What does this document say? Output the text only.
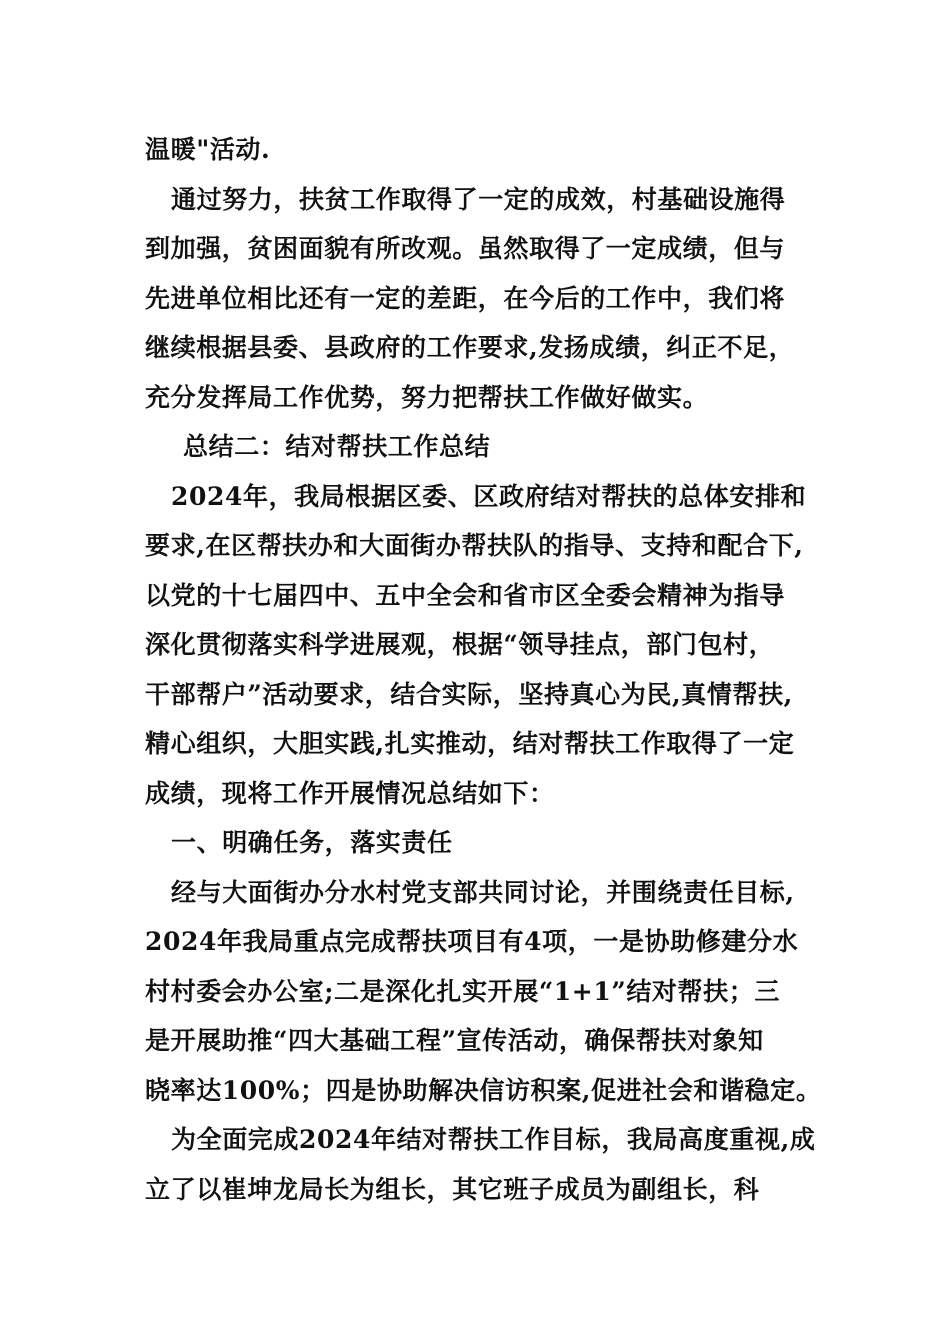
温暖"活动.
通过努力，扶贫工作取得了一定的成效，村基础设施得
到加强，贫困面貌有所改观。虽然取得了一定成绩，但与
先进单位相比还有一定的差距，在今后的工作中，我们将
继续根据县委、县政府的工作要求,发扬成绩，纠正不足，
充分发挥局工作优势，努力把帮扶工作做好做实。
总结二：结对帮扶工作总结
2024年，我局根据区委、区政府结对帮扶的总体安排和
要求,在区帮扶办和大面街办帮扶队的指导、支持和配合下,
以党的十七届四中、五中全会和省市区全委会精神为指导
深化贯彻落实科学进展观，根据“领导挂点，部门包村，
干部帮户”活动要求，结合实际，坚持真心为民,真情帮扶,
精心组织，大胆实践,扎实推动，结对帮扶工作取得了一定
成绩，现将工作开展情况总结如下：
一、明确任务，落实责任
经与大面街办分水村党支部共同讨论，并围绕责任目标,
2024年我局重点完成帮扶项目有4项，一是协助修建分水
村村委会办公室;二是深化扎实开展“1+1”结对帮扶；三
是开展助推“四大基础工程”宣传活动，确保帮扶对象知
晓率达100%；四是协助解决信访积案,促进社会和谐稳定。
为全面完成2024年结对帮扶工作目标，我局高度重视,成
立了以崔坤龙局长为组长，其它班子成员为副组长，科
